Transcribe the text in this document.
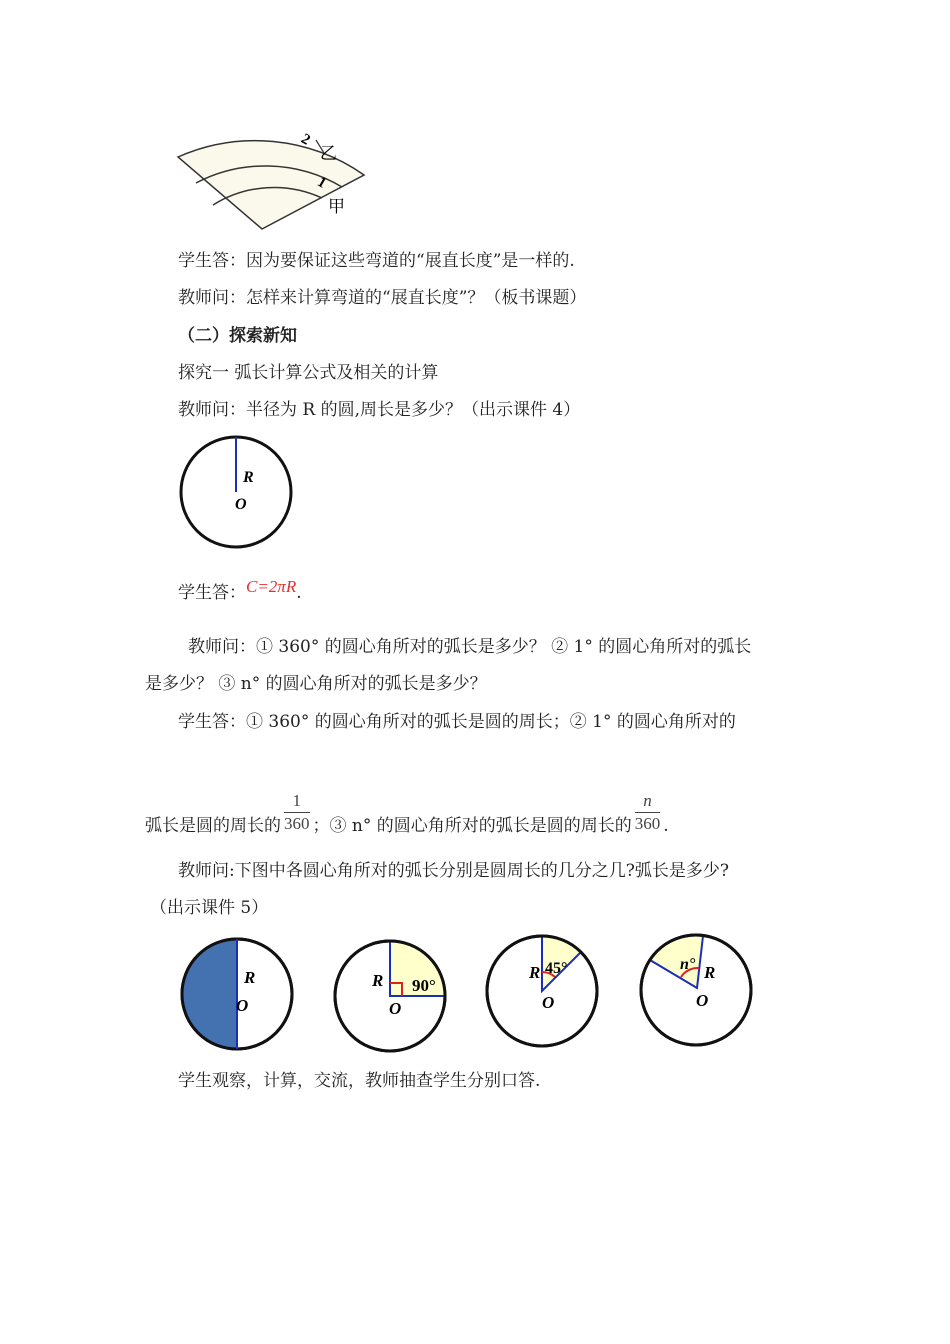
2
乙
1
甲
学生答：因为要保证这些弯道的“展直长度”是一样的.
教师问：怎样来计算弯道的“展直长度”？（板书课题）
（二）探索新知
探究一 弧长计算公式及相关的计算
教师问：半径为 R 的圆,周长是多少？（出示课件 4）
R
O
学生答：C=2πR.
教师问：① 360° 的圆心角所对的弧长是多少？ ② 1° 的圆心角所对的弧长
是多少？ ③ n° 的圆心角所对的弧长是多少？
学生答：① 360° 的圆心角所对的弧长是圆的周长；② 1° 的圆心角所对的
弧长是圆的周长的 $\frac{1}{360}$ ；③ n° 的圆心角所对的弧长是圆的周长的 $\frac{n}{360}$ .
教师问:下图中各圆心角所对的弧长分别是圆周长的几分之几?弧长是多少?
（出示课件 5）
R
O
R 90°
O
R 45°
O
n° R
O
学生观察，计算，交流，教师抽查学生分别口答.
